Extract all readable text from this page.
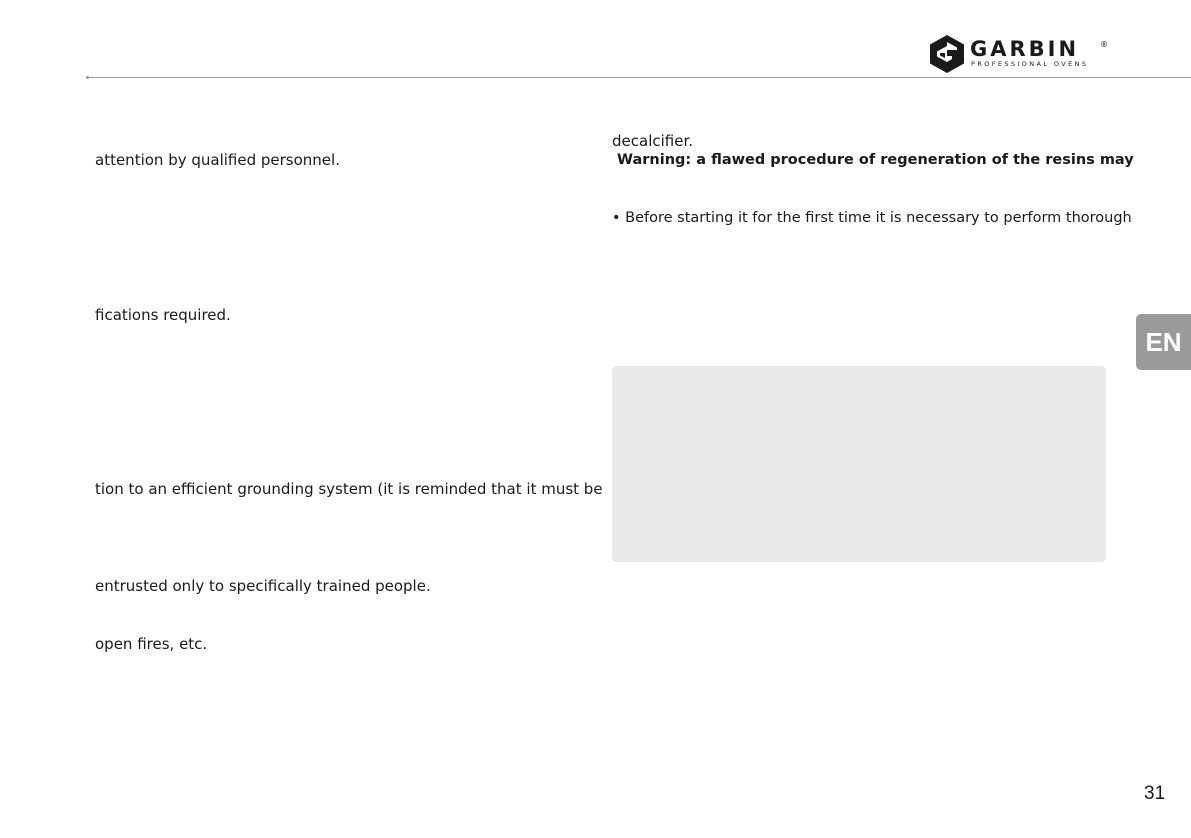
GARBIN	®
PROFESSIONAL OVENS
attention by qualified personnel.
fications required.
tion to an efficient grounding system (it is reminded that it must be
entrusted only to specifically trained people.
open fires, etc.
decalcifier.
Warning: a flawed procedure of regeneration of the resins may
• Before starting it for the first time it is necessary to perform thorough
EN
31
